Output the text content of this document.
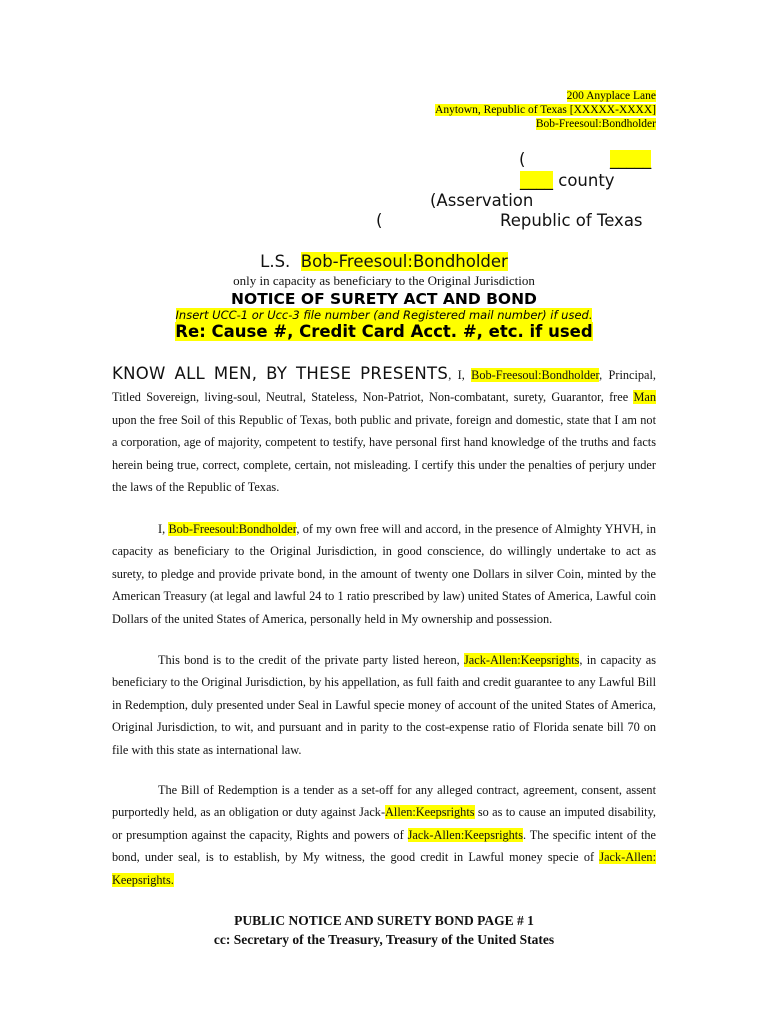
200 Anyplace Lane
Anytown, Republic of Texas [XXXXX-XXXX]
Bob-Freesoul:Bondholder
(	_____
____ county
(Asservation
(	Republic of Texas
L.S. Bob-Freesoul:Bondholder
only in capacity as beneficiary to the Original Jurisdiction
NOTICE OF SURETY ACT AND BOND
Insert UCC-1 or Ucc-3 file number (and Registered mail number) if used.
Re: Cause #, Credit Card Acct. #, etc. if used
KNOW ALL MEN, BY THESE PRESENTS, I, Bob-Freesoul:Bondholder, Principal, Titled Sovereign, living-soul, Neutral, Stateless, Non-Patriot, Non-combatant, surety, Guarantor, free Man upon the free Soil of this Republic of Texas, both public and private, foreign and domestic, state that I am not a corporation, age of majority, competent to testify, have personal first hand knowledge of the truths and facts herein being true, correct, complete, certain, not misleading. I certify this under the penalties of perjury under the laws of the Republic of Texas.
I, Bob-Freesoul:Bondholder, of my own free will and accord, in the presence of Almighty YHVH, in capacity as beneficiary to the Original Jurisdiction, in good conscience, do willingly undertake to act as surety, to pledge and provide private bond, in the amount of twenty one Dollars in silver Coin, minted by the American Treasury (at legal and lawful 24 to 1 ratio prescribed by law) united States of America, Lawful coin Dollars of the united States of America, personally held in My ownership and possession.
This bond is to the credit of the private party listed hereon, Jack-Allen:Keepsrights, in capacity as beneficiary to the Original Jurisdiction, by his appellation, as full faith and credit guarantee to any Lawful Bill in Redemption, duly presented under Seal in Lawful specie money of account of the united States of America, Original Jurisdiction, to wit, and pursuant and in parity to the cost-expense ratio of Florida senate bill 70 on file with this state as international law.
The Bill of Redemption is a tender as a set-off for any alleged contract, agreement, consent, assent purportedly held, as an obligation or duty against Jack-Allen:Keepsrights so as to cause an imputed disability, or presumption against the capacity, Rights and powers of Jack-Allen:Keepsrights. The specific intent of the bond, under seal, is to establish, by My witness, the good credit in Lawful money specie of Jack-Allen: Keepsrights.
PUBLIC NOTICE AND SURETY BOND PAGE # 1
cc: Secretary of the Treasury, Treasury of the United States
